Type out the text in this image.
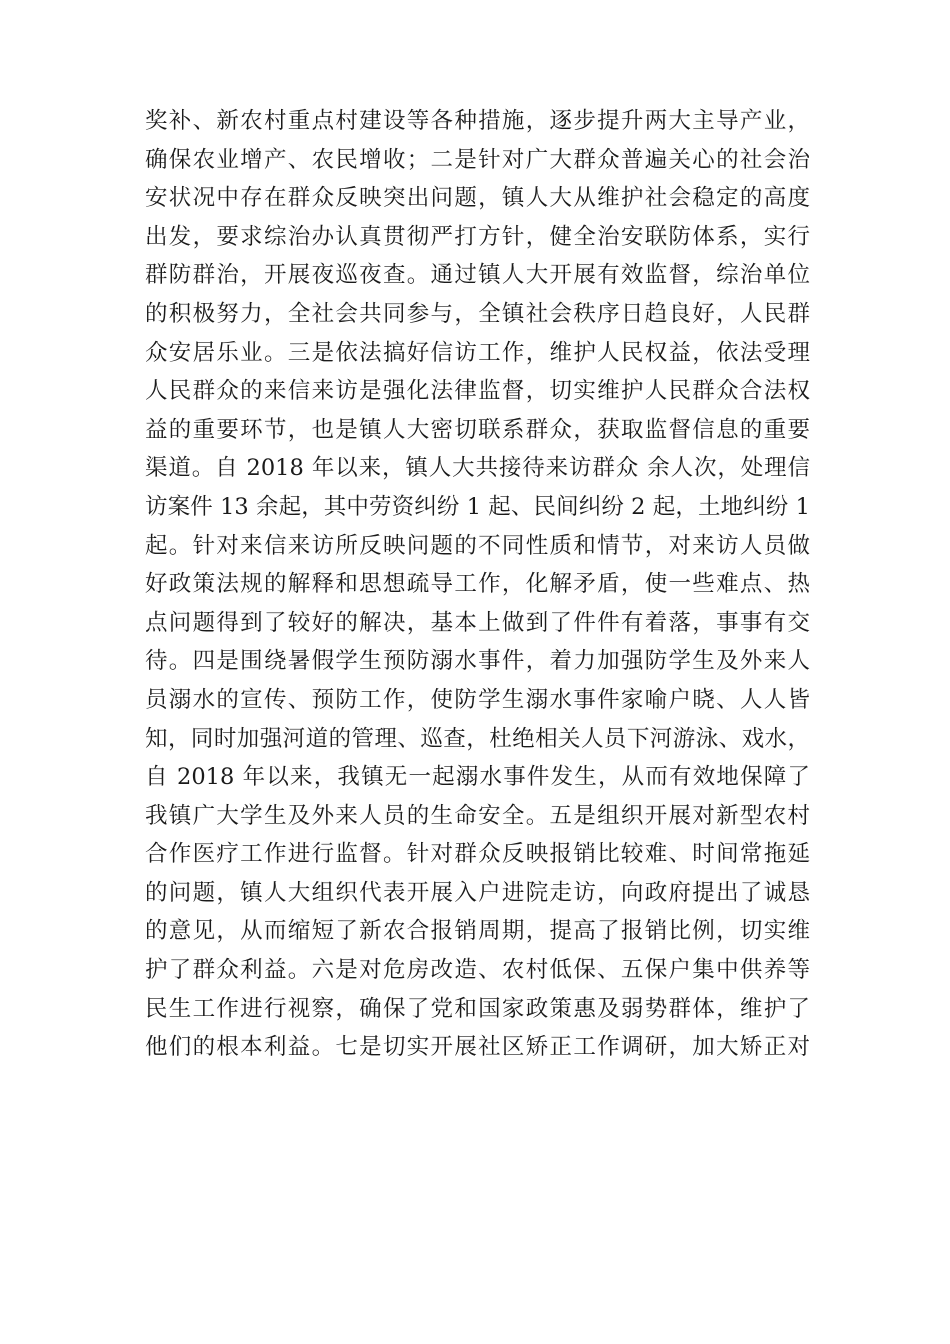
奖补、新农村重点村建设等各种措施，逐步提升两大主导产业，
确保农业增产、农民增收；二是针对广大群众普遍关心的社会治
安状况中存在群众反映突出问题，镇人大从维护社会稳定的高度
出发，要求综治办认真贯彻严打方针，健全治安联防体系，实行
群防群治，开展夜巡夜查。通过镇人大开展有效监督，综治单位
的积极努力，全社会共同参与，全镇社会秩序日趋良好，人民群
众安居乐业。三是依法搞好信访工作，维护人民权益，依法受理
人民群众的来信来访是强化法律监督，切实维护人民群众合法权
益的重要环节，也是镇人大密切联系群众，获取监督信息的重要
渠道。自 2018 年以来，镇人大共接待来访群众 余人次，处理信
访案件 13 余起，其中劳资纠纷 1 起、民间纠纷 2 起，土地纠纷 1
起。针对来信来访所反映问题的不同性质和情节，对来访人员做
好政策法规的解释和思想疏导工作，化解矛盾，使一些难点、热
点问题得到了较好的解决，基本上做到了件件有着落，事事有交
待。四是围绕暑假学生预防溺水事件，着力加强防学生及外来人
员溺水的宣传、预防工作，使防学生溺水事件家喻户晓、人人皆
知，同时加强河道的管理、巡查，杜绝相关人员下河游泳、戏水，
自 2018 年以来，我镇无一起溺水事件发生，从而有效地保障了
我镇广大学生及外来人员的生命安全。五是组织开展对新型农村
合作医疗工作进行监督。针对群众反映报销比较难、时间常拖延
的问题，镇人大组织代表开展入户进院走访，向政府提出了诚恳
的意见，从而缩短了新农合报销周期，提高了报销比例，切实维
护了群众利益。六是对危房改造、农村低保、五保户集中供养等
民生工作进行视察，确保了党和国家政策惠及弱势群体，维护了
他们的根本利益。七是切实开展社区矫正工作调研，加大矫正对
